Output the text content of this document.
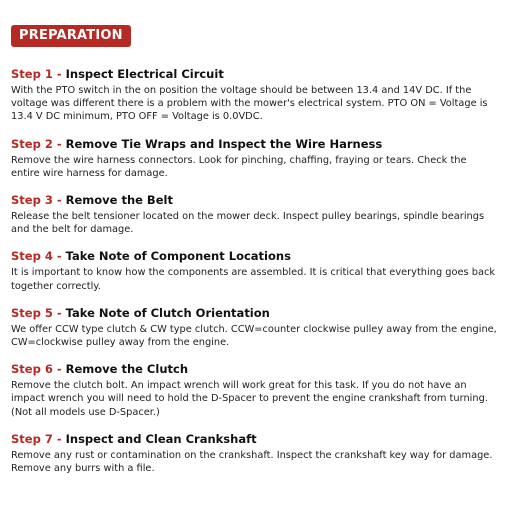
PREPARATION
Step 1 - Inspect Electrical Circuit

With the PTO switch in the on position the voltage should be between 13.4 and 14V DC. If the voltage was different there is a problem with the mower's electrical system. PTO ON = Voltage is 13.4 V DC minimum, PTO OFF = Voltage is 0.0VDC.

Step 2 - Remove Tie Wraps and Inspect the Wire Harness

Remove the wire harness connectors. Look for pinching, chaffing, fraying or tears. Check the entire wire harness for damage.

Step 3 - Remove the Belt

Release the belt tensioner located on the mower deck. Inspect pulley bearings, spindle bearings and the belt for damage.

Step 4 - Take Note of Component Locations

It is important to know how the components are assembled. It is critical that everything goes back together correctly.

Step 5 - Take Note of Clutch Orientation

We offer CCW type clutch & CW type clutch. CCW=counter clockwise pulley away from the engine, CW=clockwise pulley away from the engine.

Step 6 - Remove the Clutch

Remove the clutch bolt. An impact wrench will work great for this task. If you do not have an impact wrench you will need to hold the D-Spacer to prevent the engine crankshaft from turning. (Not all models use D-Spacer.)

Step 7 - Inspect and Clean Crankshaft

Remove any rust or contamination on the crankshaft. Inspect the crankshaft key way for damage. Remove any burrs with a file.
